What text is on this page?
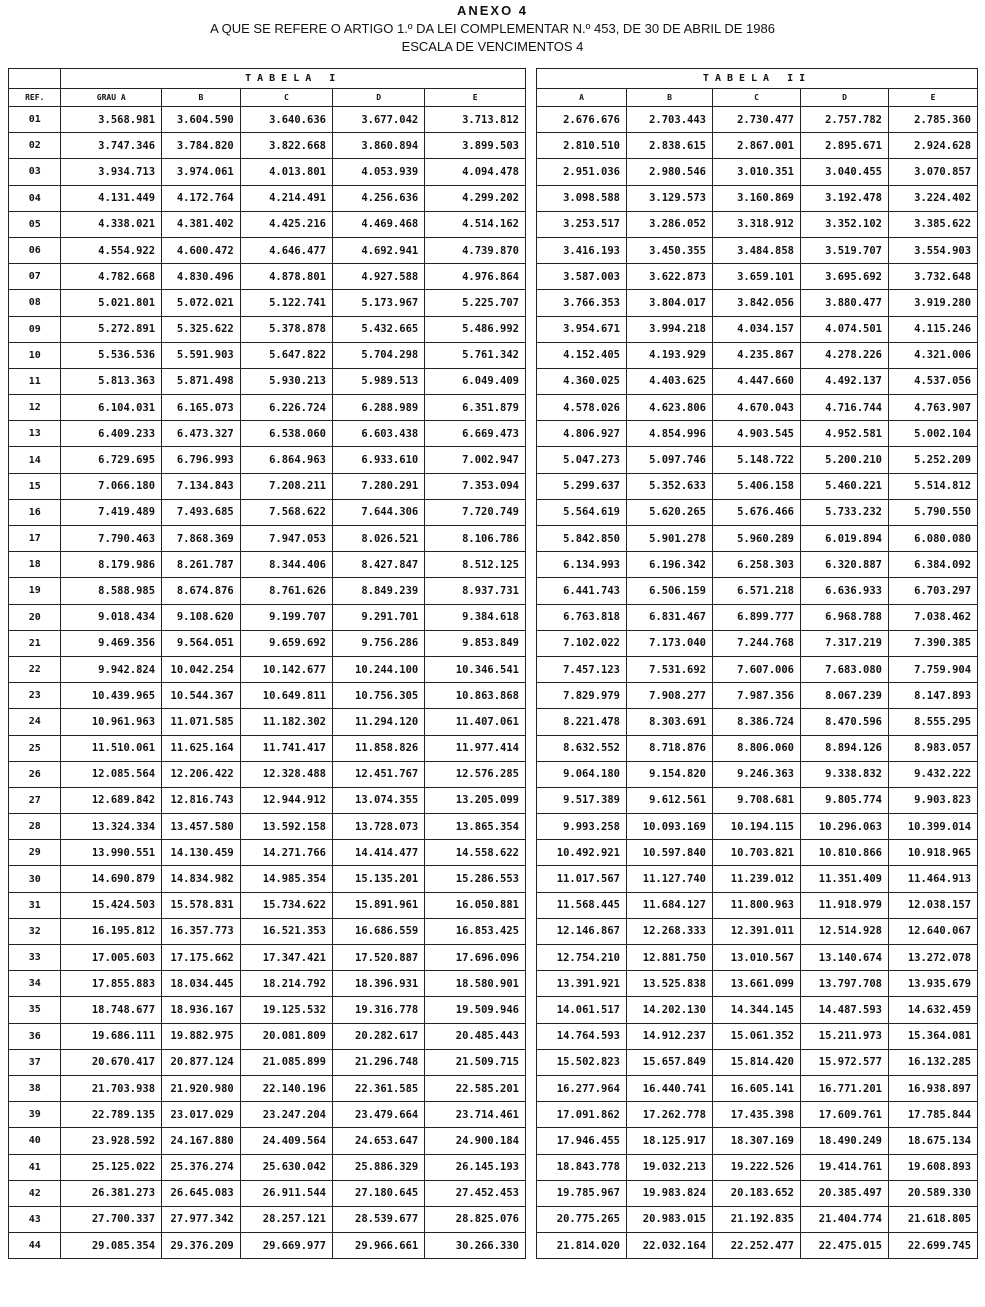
ANEXO 4
A QUE SE REFERE O ARTIGO 1.º DA LEI COMPLEMENTAR N.º 453, DE 30 DE ABRIL DE 1986
ESCALA DE VENCIMENTOS 4
	TABELA I				
REF.	GRAU A	B	C	D	E
01	3.568.981	3.604.590	3.640.636	3.677.042	3.713.812
02	3.747.346	3.784.820	3.822.668	3.860.894	3.899.503
03	3.934.713	3.974.061	4.013.801	4.053.939	4.094.478
04	4.131.449	4.172.764	4.214.491	4.256.636	4.299.202
05	4.338.021	4.381.402	4.425.216	4.469.468	4.514.162
06	4.554.922	4.600.472	4.646.477	4.692.941	4.739.870
07	4.782.668	4.830.496	4.878.801	4.927.588	4.976.864
08	5.021.801	5.072.021	5.122.741	5.173.967	5.225.707
09	5.272.891	5.325.622	5.378.878	5.432.665	5.486.992
10	5.536.536	5.591.903	5.647.822	5.704.298	5.761.342
11	5.813.363	5.871.498	5.930.213	5.989.513	6.049.409
12	6.104.031	6.165.073	6.226.724	6.288.989	6.351.879
13	6.409.233	6.473.327	6.538.060	6.603.438	6.669.473
14	6.729.695	6.796.993	6.864.963	6.933.610	7.002.947
15	7.066.180	7.134.843	7.208.211	7.280.291	7.353.094
16	7.419.489	7.493.685	7.568.622	7.644.306	7.720.749
17	7.790.463	7.868.369	7.947.053	8.026.521	8.106.786
18	8.179.986	8.261.787	8.344.406	8.427.847	8.512.125
19	8.588.985	8.674.876	8.761.626	8.849.239	8.937.731
20	9.018.434	9.108.620	9.199.707	9.291.701	9.384.618
21	9.469.356	9.564.051	9.659.692	9.756.286	9.853.849
22	9.942.824	10.042.254	10.142.677	10.244.100	10.346.541
23	10.439.965	10.544.367	10.649.811	10.756.305	10.863.868
24	10.961.963	11.071.585	11.182.302	11.294.120	11.407.061
25	11.510.061	11.625.164	11.741.417	11.858.826	11.977.414
26	12.085.564	12.206.422	12.328.488	12.451.767	12.576.285
27	12.689.842	12.816.743	12.944.912	13.074.355	13.205.099
28	13.324.334	13.457.580	13.592.158	13.728.073	13.865.354
29	13.990.551	14.130.459	14.271.766	14.414.477	14.558.622
30	14.690.879	14.834.982	14.985.354	15.135.201	15.286.553
31	15.424.503	15.578.831	15.734.622	15.891.961	16.050.881
32	16.195.812	16.357.773	16.521.353	16.686.559	16.853.425
33	17.005.603	17.175.662	17.347.421	17.520.887	17.696.096
34	17.855.883	18.034.445	18.214.792	18.396.931	18.580.901
35	18.748.677	18.936.167	19.125.532	19.316.778	19.509.946
36	19.686.111	19.882.975	20.081.809	20.282.617	20.485.443
37	20.670.417	20.877.124	21.085.899	21.296.748	21.509.715
38	21.703.938	21.920.980	22.140.196	22.361.585	22.585.201
39	22.789.135	23.017.029	23.247.204	23.479.664	23.714.461
40	23.928.592	24.167.880	24.409.564	24.653.647	24.900.184
41	25.125.022	25.376.274	25.630.042	25.886.329	26.145.193
42	26.381.273	26.645.083	26.911.544	27.180.645	27.452.453
43	27.700.337	27.977.342	28.257.121	28.539.677	28.825.076
44	29.085.354	29.376.209	29.669.977	29.966.661	30.266.330
TABELA II				
A	B	C	D	E
2.676.676	2.703.443	2.730.477	2.757.782	2.785.360
2.810.510	2.838.615	2.867.001	2.895.671	2.924.628
2.951.036	2.980.546	3.010.351	3.040.455	3.070.857
3.098.588	3.129.573	3.160.869	3.192.478	3.224.402
3.253.517	3.286.052	3.318.912	3.352.102	3.385.622
3.416.193	3.450.355	3.484.858	3.519.707	3.554.903
3.587.003	3.622.873	3.659.101	3.695.692	3.732.648
3.766.353	3.804.017	3.842.056	3.880.477	3.919.280
3.954.671	3.994.218	4.034.157	4.074.501	4.115.246
4.152.405	4.193.929	4.235.867	4.278.226	4.321.006
4.360.025	4.403.625	4.447.660	4.492.137	4.537.056
4.578.026	4.623.806	4.670.043	4.716.744	4.763.907
4.806.927	4.854.996	4.903.545	4.952.581	5.002.104
5.047.273	5.097.746	5.148.722	5.200.210	5.252.209
5.299.637	5.352.633	5.406.158	5.460.221	5.514.812
5.564.619	5.620.265	5.676.466	5.733.232	5.790.550
5.842.850	5.901.278	5.960.289	6.019.894	6.080.080
6.134.993	6.196.342	6.258.303	6.320.887	6.384.092
6.441.743	6.506.159	6.571.218	6.636.933	6.703.297
6.763.818	6.831.467	6.899.777	6.968.788	7.038.462
7.102.022	7.173.040	7.244.768	7.317.219	7.390.385
7.457.123	7.531.692	7.607.006	7.683.080	7.759.904
7.829.979	7.908.277	7.987.356	8.067.239	8.147.893
8.221.478	8.303.691	8.386.724	8.470.596	8.555.295
8.632.552	8.718.876	8.806.060	8.894.126	8.983.057
9.064.180	9.154.820	9.246.363	9.338.832	9.432.222
9.517.389	9.612.561	9.708.681	9.805.774	9.903.823
9.993.258	10.093.169	10.194.115	10.296.063	10.399.014
10.492.921	10.597.840	10.703.821	10.810.866	10.918.965
11.017.567	11.127.740	11.239.012	11.351.409	11.464.913
11.568.445	11.684.127	11.800.963	11.918.979	12.038.157
12.146.867	12.268.333	12.391.011	12.514.928	12.640.067
12.754.210	12.881.750	13.010.567	13.140.674	13.272.078
13.391.921	13.525.838	13.661.099	13.797.708	13.935.679
14.061.517	14.202.130	14.344.145	14.487.593	14.632.459
14.764.593	14.912.237	15.061.352	15.211.973	15.364.081
15.502.823	15.657.849	15.814.420	15.972.577	16.132.285
16.277.964	16.440.741	16.605.141	16.771.201	16.938.897
17.091.862	17.262.778	17.435.398	17.609.761	17.785.844
17.946.455	18.125.917	18.307.169	18.490.249	18.675.134
18.843.778	19.032.213	19.222.526	19.414.761	19.608.893
19.785.967	19.983.824	20.183.652	20.385.497	20.589.330
20.775.265	20.983.015	21.192.835	21.404.774	21.618.805
21.814.020	22.032.164	22.252.477	22.475.015	22.699.745
